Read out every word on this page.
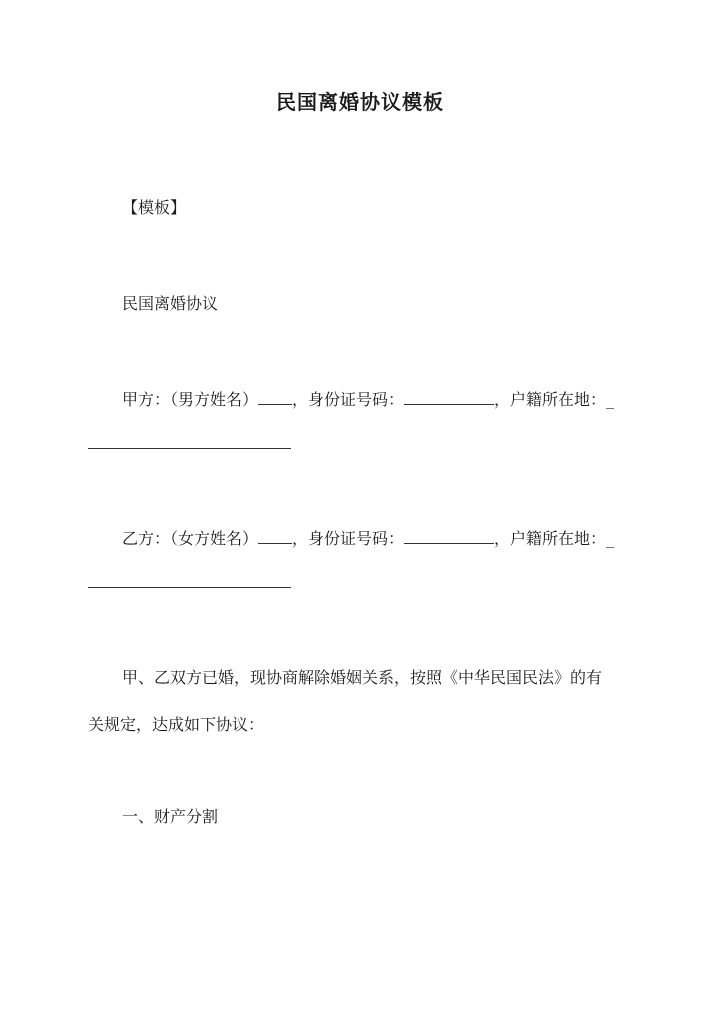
民国离婚协议模板
【模板】
民国离婚协议
甲方：（男方姓名） ，身份证号码：	，户籍所在地：_
乙方：（女方姓名） ，身份证号码：	，户籍所在地：_
甲、乙双方已婚，现协商解除婚姻关系，按照《中华民国民法》的有
关规定，达成如下协议：
一、财产分割
